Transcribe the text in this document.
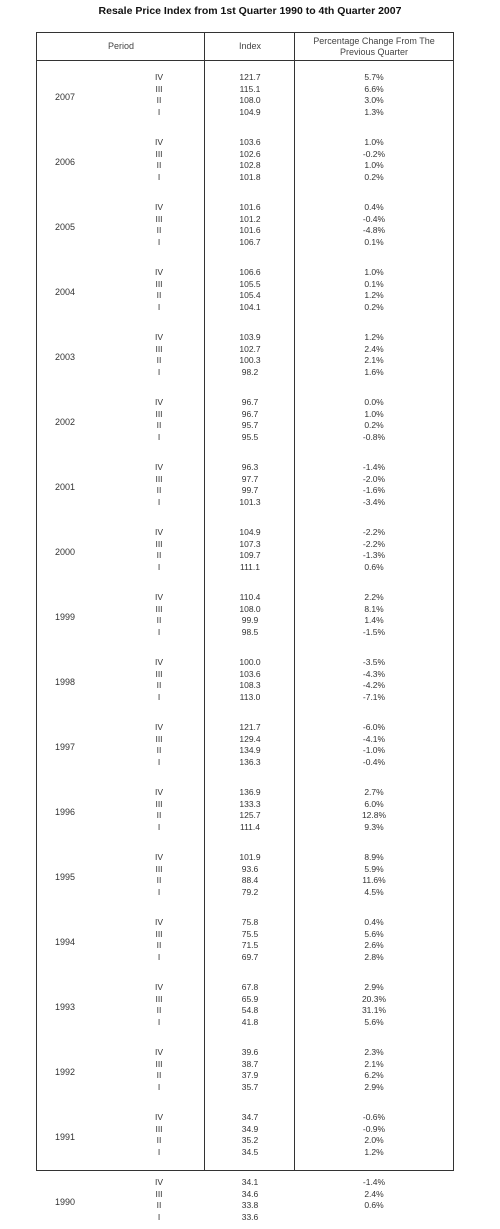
Resale Price Index from 1st Quarter 1990 to 4th Quarter 2007
Period	Index
Percentage Change From The Previous Quarter
2007
IV	121.7	5.7%
III	115.1	6.6%
II	108.0	3.0%
I	104.9	1.3%
2006
IV	103.6	1.0%
III	102.6	-0.2%
II	102.8	1.0%
I	101.8	0.2%
2005
IV	101.6	0.4%
III	101.2	-0.4%
II	101.6	-4.8%
I	106.7	0.1%
2004
IV	106.6	1.0%
III	105.5	0.1%
II	105.4	1.2%
I	104.1	0.2%
2003
IV	103.9	1.2%
III	102.7	2.4%
II	100.3	2.1%
I	98.2	1.6%
2002
IV	96.7	0.0%
III	96.7	1.0%
II	95.7	0.2%
I	95.5	-0.8%
2001
IV	96.3	-1.4%
III	97.7	-2.0%
II	99.7	-1.6%
I	101.3	-3.4%
2000
IV	104.9	-2.2%
III	107.3	-2.2%
II	109.7	-1.3%
I	111.1	0.6%
1999
IV	110.4	2.2%
III	108.0	8.1%
II	99.9	1.4%
I	98.5	-1.5%
1998
IV	100.0	-3.5%
III	103.6	-4.3%
II	108.3	-4.2%
I	113.0	-7.1%
1997
IV	121.7	-6.0%
III	129.4	-4.1%
II	134.9	-1.0%
I	136.3	-0.4%
1996
IV	136.9	2.7%
III	133.3	6.0%
II	125.7	12.8%
I	111.4	9.3%
1995
IV	101.9	8.9%
III	93.6	5.9%
II	88.4	11.6%
I	79.2	4.5%
1994
IV	75.8	0.4%
III	75.5	5.6%
II	71.5	2.6%
I	69.7	2.8%
1993
IV	67.8	2.9%
III	65.9	20.3%
II	54.8	31.1%
I	41.8	5.6%
1992
IV	39.6	2.3%
III	38.7	2.1%
II	37.9	6.2%
I	35.7	2.9%
1991
IV	34.7	-0.6%
III	34.9	-0.9%
II	35.2	2.0%
I	34.5	1.2%
1990
IV	34.1	-1.4%
III	34.6	2.4%
II	33.8	0.6%
I	33.6
